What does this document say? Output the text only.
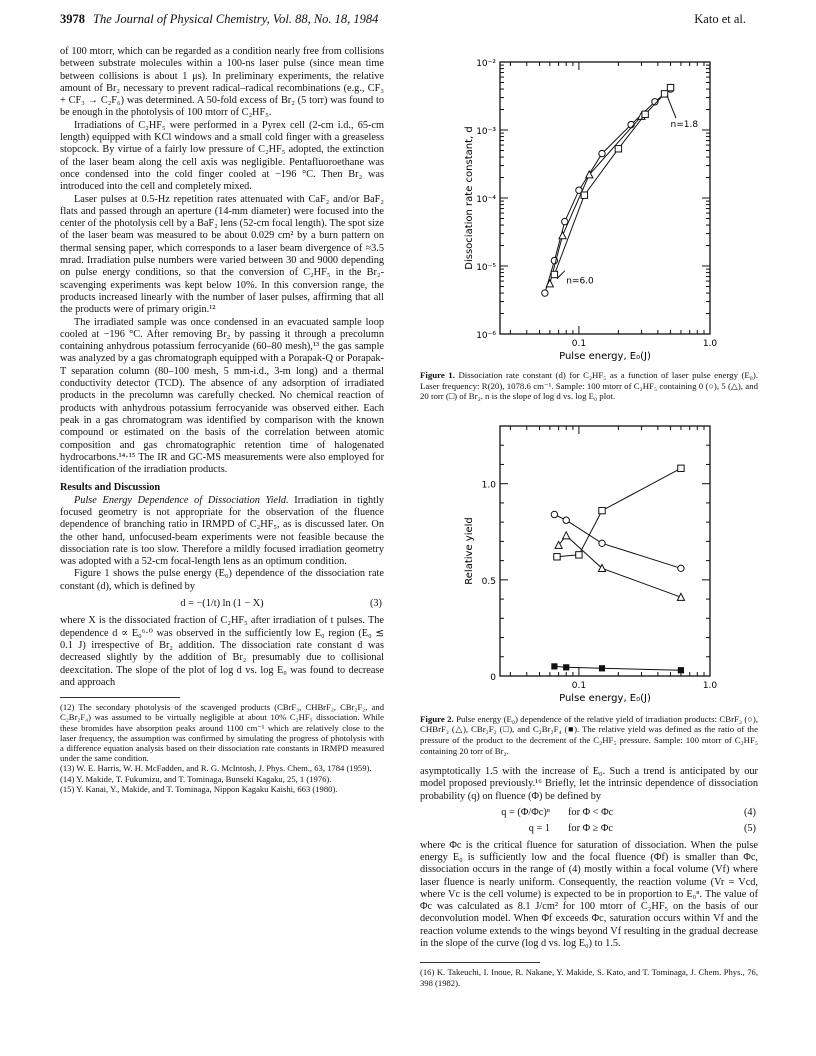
3978 The Journal of Physical Chemistry, Vol. 88, No. 18, 1984	Kato et al.

of 100 mtorr, which can be regarded as a condition nearly free from collisions between substrate molecules within a 100-ns laser pulse (since mean time between collisions is about 1 μs). In preliminary experiments, the relative amount of Br₂ necessary to prevent radical–radical recombinations (e.g., CF₃ + CF₃ → C₂F₆) was determined. A 50-fold excess of Br₂ (5 torr) was found to be enough in the photolysis of 100 mtorr of C₂HF₅.

Irradiations of C₂HF₅ were performed in a Pyrex cell (2-cm i.d., 65-cm length) equipped with KCl windows and a small cold finger with a greaseless stopcock. By virtue of a fairly low pressure of C₂HF₅ adopted, the extinction of the laser beam along the cell axis was negligible. Pentafluoroethane was once condensed into the cold finger cooled at −196 °C. Then Br₂ was introduced into the cell and completely mixed.

Laser pulses at 0.5-Hz repetition rates attenuated with CaF₂ and/or BaF₂ flats and passed through an aperture (14-mm diameter) were focused into the center of the photolysis cell by a BaF₂ lens (52-cm focal length). The spot size of the laser beam was measured to be about 0.029 cm² by a burn pattern on thermal sensing paper, which corresponds to a laser beam divergence of ≈3.5 mrad. Irradiation pulse numbers were varied between 30 and 9000 depending on pulse energy conditions, so that the conversion of C₂HF₅ in the Br₂-scavenging experiments was kept below 10%. In this conversion range, the products increased linearly with the number of laser pulses, affirming that all the products were of primary origin.¹²

The irradiated sample was once condensed in an evacuated sample loop cooled at −196 °C. After removing Br₂ by passing it through a precolumn containing anhydrous potassium ferrocyanide (60–80 mesh),¹³ the gas sample was analyzed by a gas chromatograph equipped with a Porapak-Q or Porapak-T separation column (80–100 mesh, 5 mm-i.d., 3-m long) and a thermal conductivity detector (TCD). The absence of any adsorption of irradiated products in the precolumn was carefully checked. No chemical reaction of products with anhydrous potassium ferrocyanide was observed either. Each peak in a gas chromatogram was identified by comparison with the known compound or estimated on the basis of the correlation between atomic composition and gas chromatographic retention time of halogenated hydrocarbons.¹⁴·¹⁵ The IR and GC-MS measurements were also employed for identification of the irradiation products.

Results and Discussion

Pulse Energy Dependence of Dissociation Yield. Irradiation in tightly focused geometry is not appropriate for the observation of the fluence dependence of branching ratio in IRMPD of C₂HF₅, as is discussed later. On the other hand, unfocused-beam experiments were not feasible because the dissociation rate is too slow. Therefore a mildly focused irradiation geometry was adopted with a 52-cm focal-length lens as an optimum condition.

Figure 1 shows the pulse energy (E₀) dependence of the dissociation rate constant (d), which is defined by

d = −(1/t) ln (1 − X)	(3)

where X is the dissociated fraction of C₂HF₅ after irradiation of t pulses. The dependence d ∝ E₀⁶·⁰ was observed in the sufficiently low E₀ region (E₀ ≲ 0.1 J) irrespective of Br₂ addition. The dissociation rate constant d was decreased slightly by the addition of Br₂ presumably due to collisional deexcitation. The slope of the plot of log d vs. log E₀ was found to decrease and approach

(12) The secondary photolysis of the scavenged products (CBrF₃, CHBrF₂, CBr₂F₂, and C₂Br₂F₄) was assumed to be virtually negligible at about 10% C₂HF₅ dissociation. While these bromides have absorption peaks around 1100 cm⁻¹ which are relatively close to the laser frequency, the assumption was confirmed by simulating the progress of photolysis with a difference equation analysis based on their dissociation rate constants in IRMPD measured under the same condition.

(13) W. E. Harris, W. H. McFadden, and R. G. McIntosh, J. Phys. Chem., 63, 1784 (1959).

(14) Y. Makide, T. Fukumizu, and T. Tominaga, Bunseki Kagaku, 25, 1 (1976).

(15) Y. Kanai, Y., Makide, and T. Tominaga, Nippon Kagaku Kaishi, 663 (1980).

0.1	1.0
Pulse energy, E₀(J)
10⁻²
10⁻³
10⁻⁴
10⁻⁵
10⁻⁶
Dissociation rate constant, d
n=1.8
n=6.0

Figure 1. Dissociation rate constant (d) for C₂HF₅ as a function of laser pulse energy (E₀). Laser frequency: R(20), 1078.6 cm⁻¹. Sample: 100 mtorr of C₂HF₅ containing 0 (○), 5 (△), and 20 torr (□) of Br₂. n is the slope of log d vs. log E₀ plot.

0.1	1.0
Pulse energy, E₀(J)
1.0
0.5
0
Relative yield

Figure 2. Pulse energy (E₀) dependence of the relative yield of irradiation products: CBrF₃ (○), CHBrF₂ (△), CBr₂F₂ (□), and C₂Br₂F₄ (■). The relative yield was defined as the ratio of the pressure of the product to the decrement of the C₂HF₅ pressure. Sample: 100 mtorr of C₂HF₅ containing 20 torr of Br₂.

asymptotically 1.5 with the increase of E₀. Such a trend is anticipated by our model proposed previously.¹⁶ Briefly, let the intrinsic dependence of dissociation probability (q) on fluence (Φ) be defined by

q = (Φ/Φc)ⁿ	for Φ < Φc	(4)
q = 1	for Φ ≥ Φc	(5)

where Φc is the critical fluence for saturation of dissociation. When the pulse energy E₀ is sufficiently low and the focal fluence (Φf) is smaller than Φc, dissociation occurs in the range of (4) mostly within a focal volume (Vf) where laser fluence is nearly uniform. Consequently, the reaction volume (Vr = Vcd, where Vc is the cell volume) is expected to be in proportion to E₀ⁿ. The value of Φc was calculated as 8.1 J/cm² for 100 mtorr of C₂HF₅ on the basis of our deconvolution model. When Φf exceeds Φc, saturation occurs within Vf and the reaction volume extends to the wings beyond Vf resulting in the gradual decrease in the slope of the curve (log d vs. log E₀) to 1.5.

(16) K. Takeuchi, I. Inoue, R. Nakane, Y. Makide, S. Kato, and T. Tominaga, J. Chem. Phys., 76, 398 (1982).
